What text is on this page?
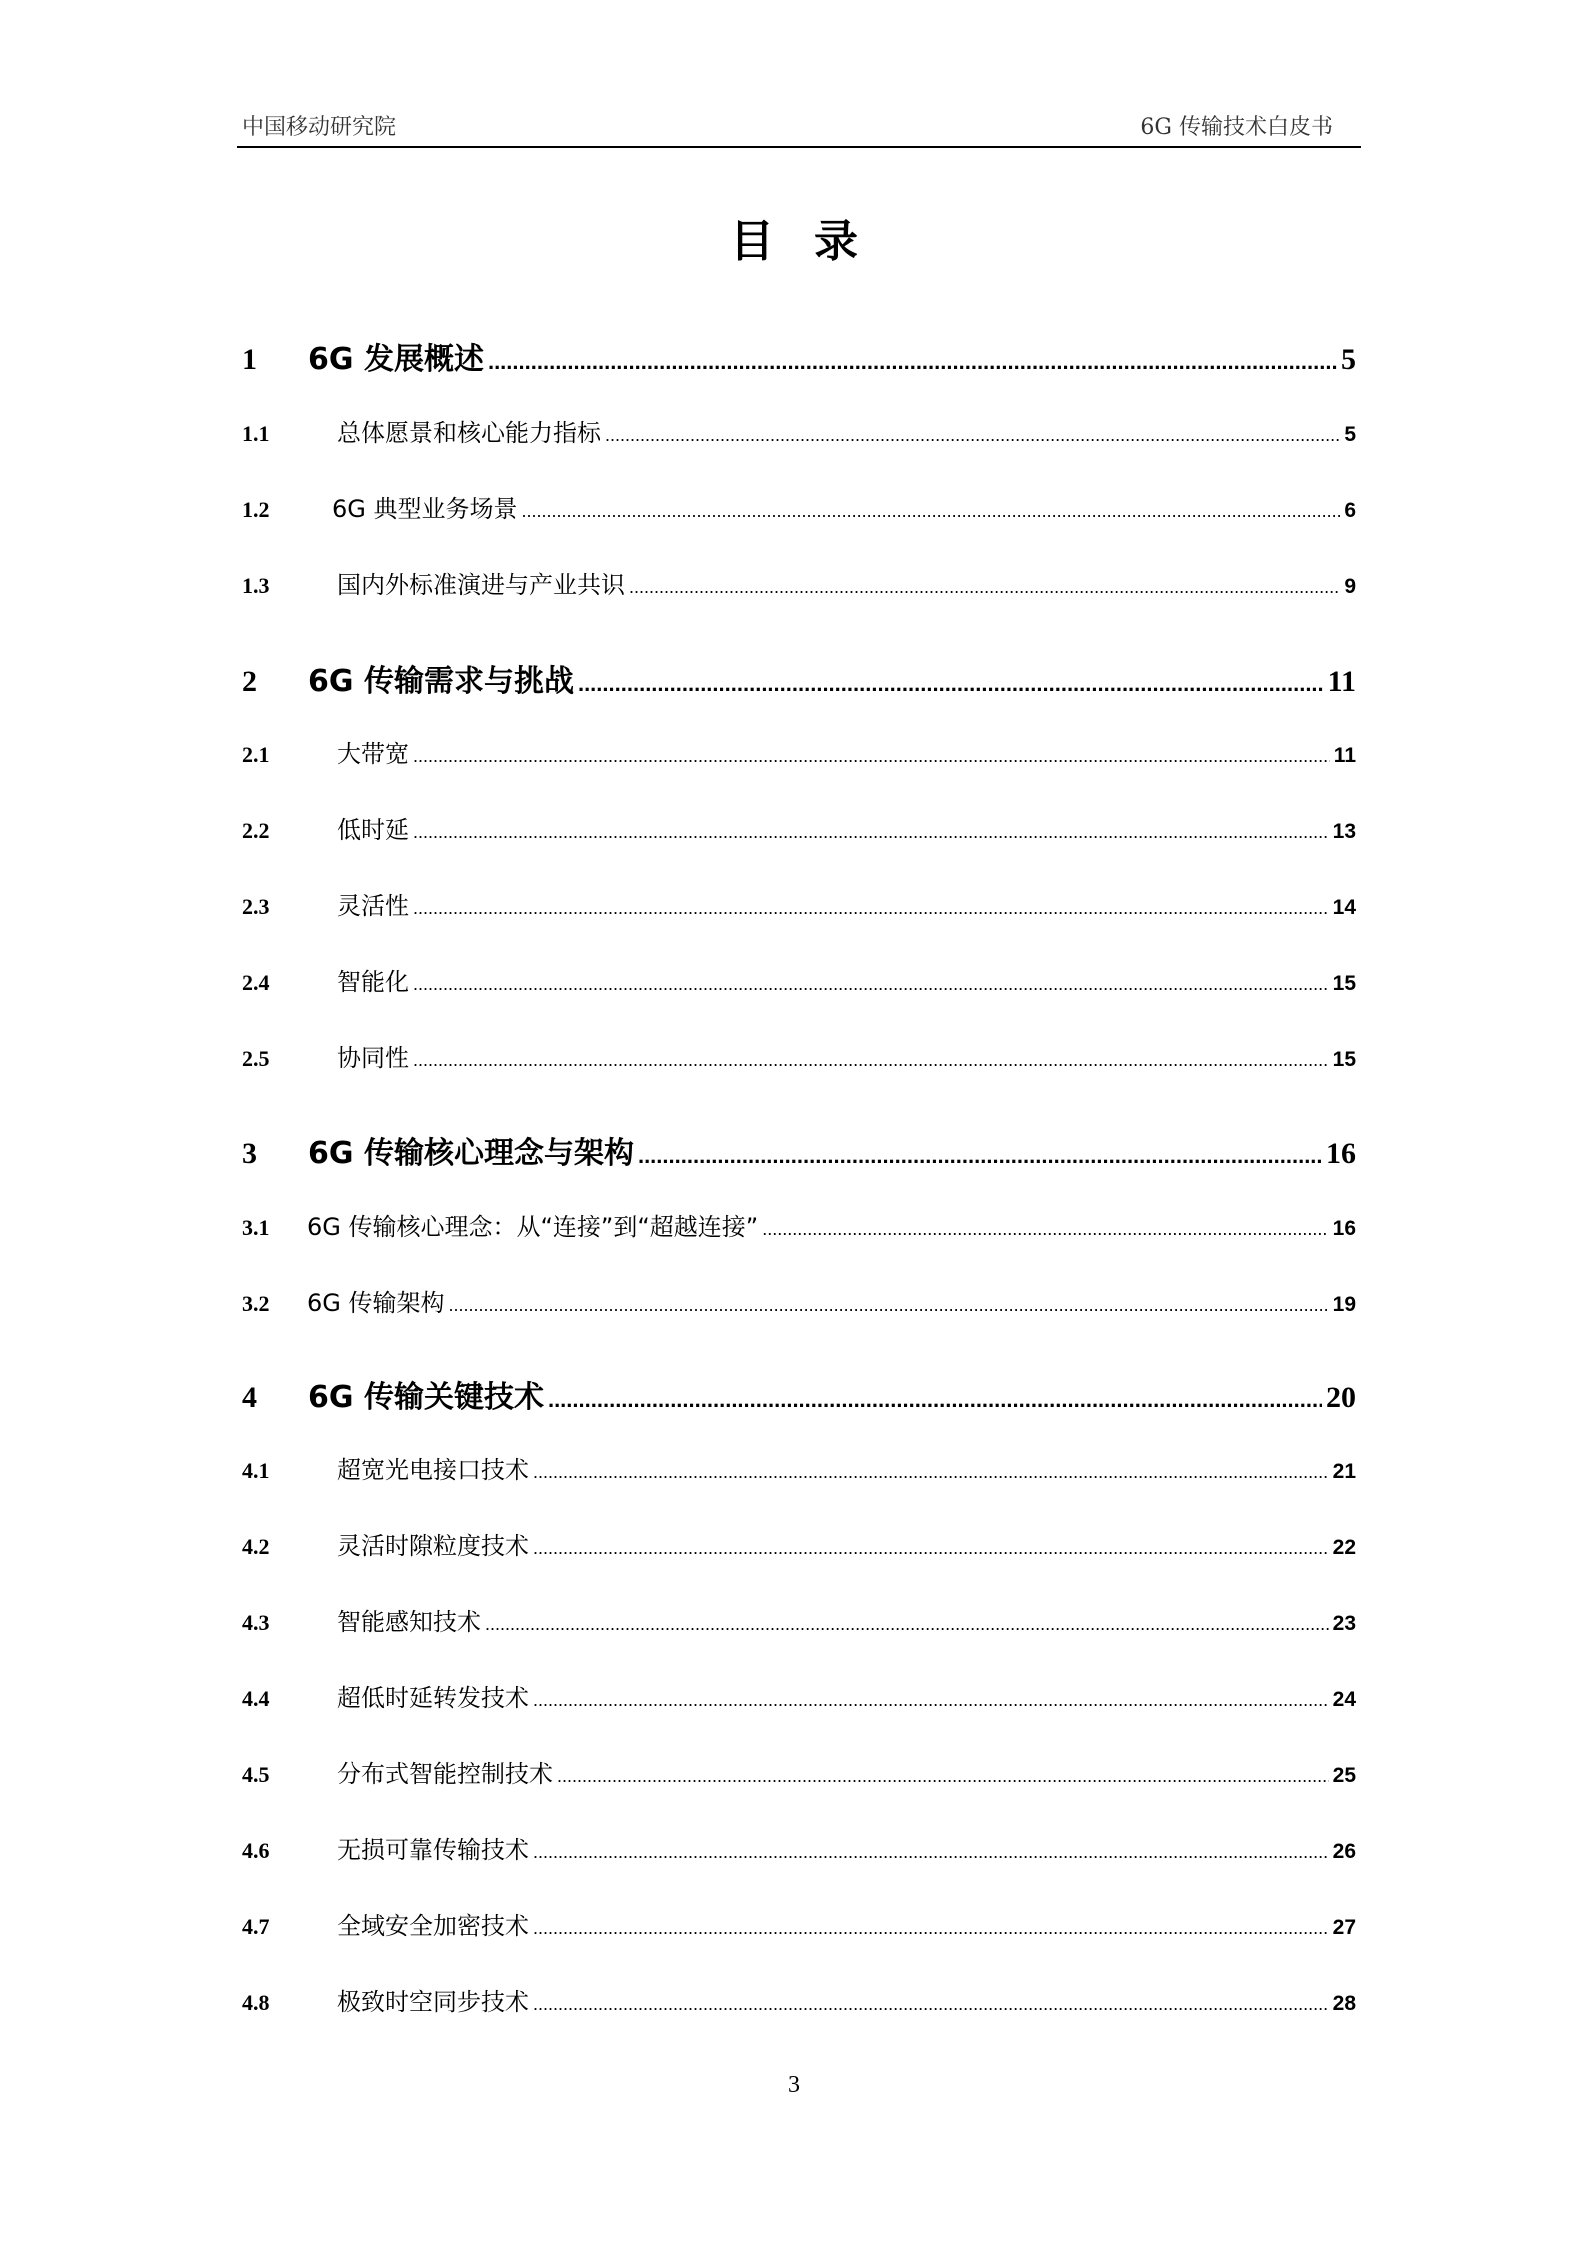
中国移动研究院	6G 传输技术白皮书
目录
1	6G 发展概述 .....	5
1.1	总体愿景和核心能力指标 .....	5
1.2	6G 典型业务场景 .....	6
1.3	国内外标准演进与产业共识 .....	9
2	6G 传输需求与挑战 .....	11
2.1	大带宽 .....	11
2.2	低时延 .....	13
2.3	灵活性 .....	14
2.4	智能化 .....	15
2.5	协同性 .....	15
3	6G 传输核心理念与架构 .....	16
3.1	6G 传输核心理念：从“连接”到“超越连接” .....	16
3.2	6G 传输架构 .....	19
4	6G 传输关键技术 .....	20
4.1	超宽光电接口技术 .....	21
4.2	灵活时隙粒度技术 .....	22
4.3	智能感知技术 .....	23
4.4	超低时延转发技术 .....	24
4.5	分布式智能控制技术 .....	25
4.6	无损可靠传输技术 .....	26
4.7	全域安全加密技术 .....	27
4.8	极致时空同步技术 .....	28
3
